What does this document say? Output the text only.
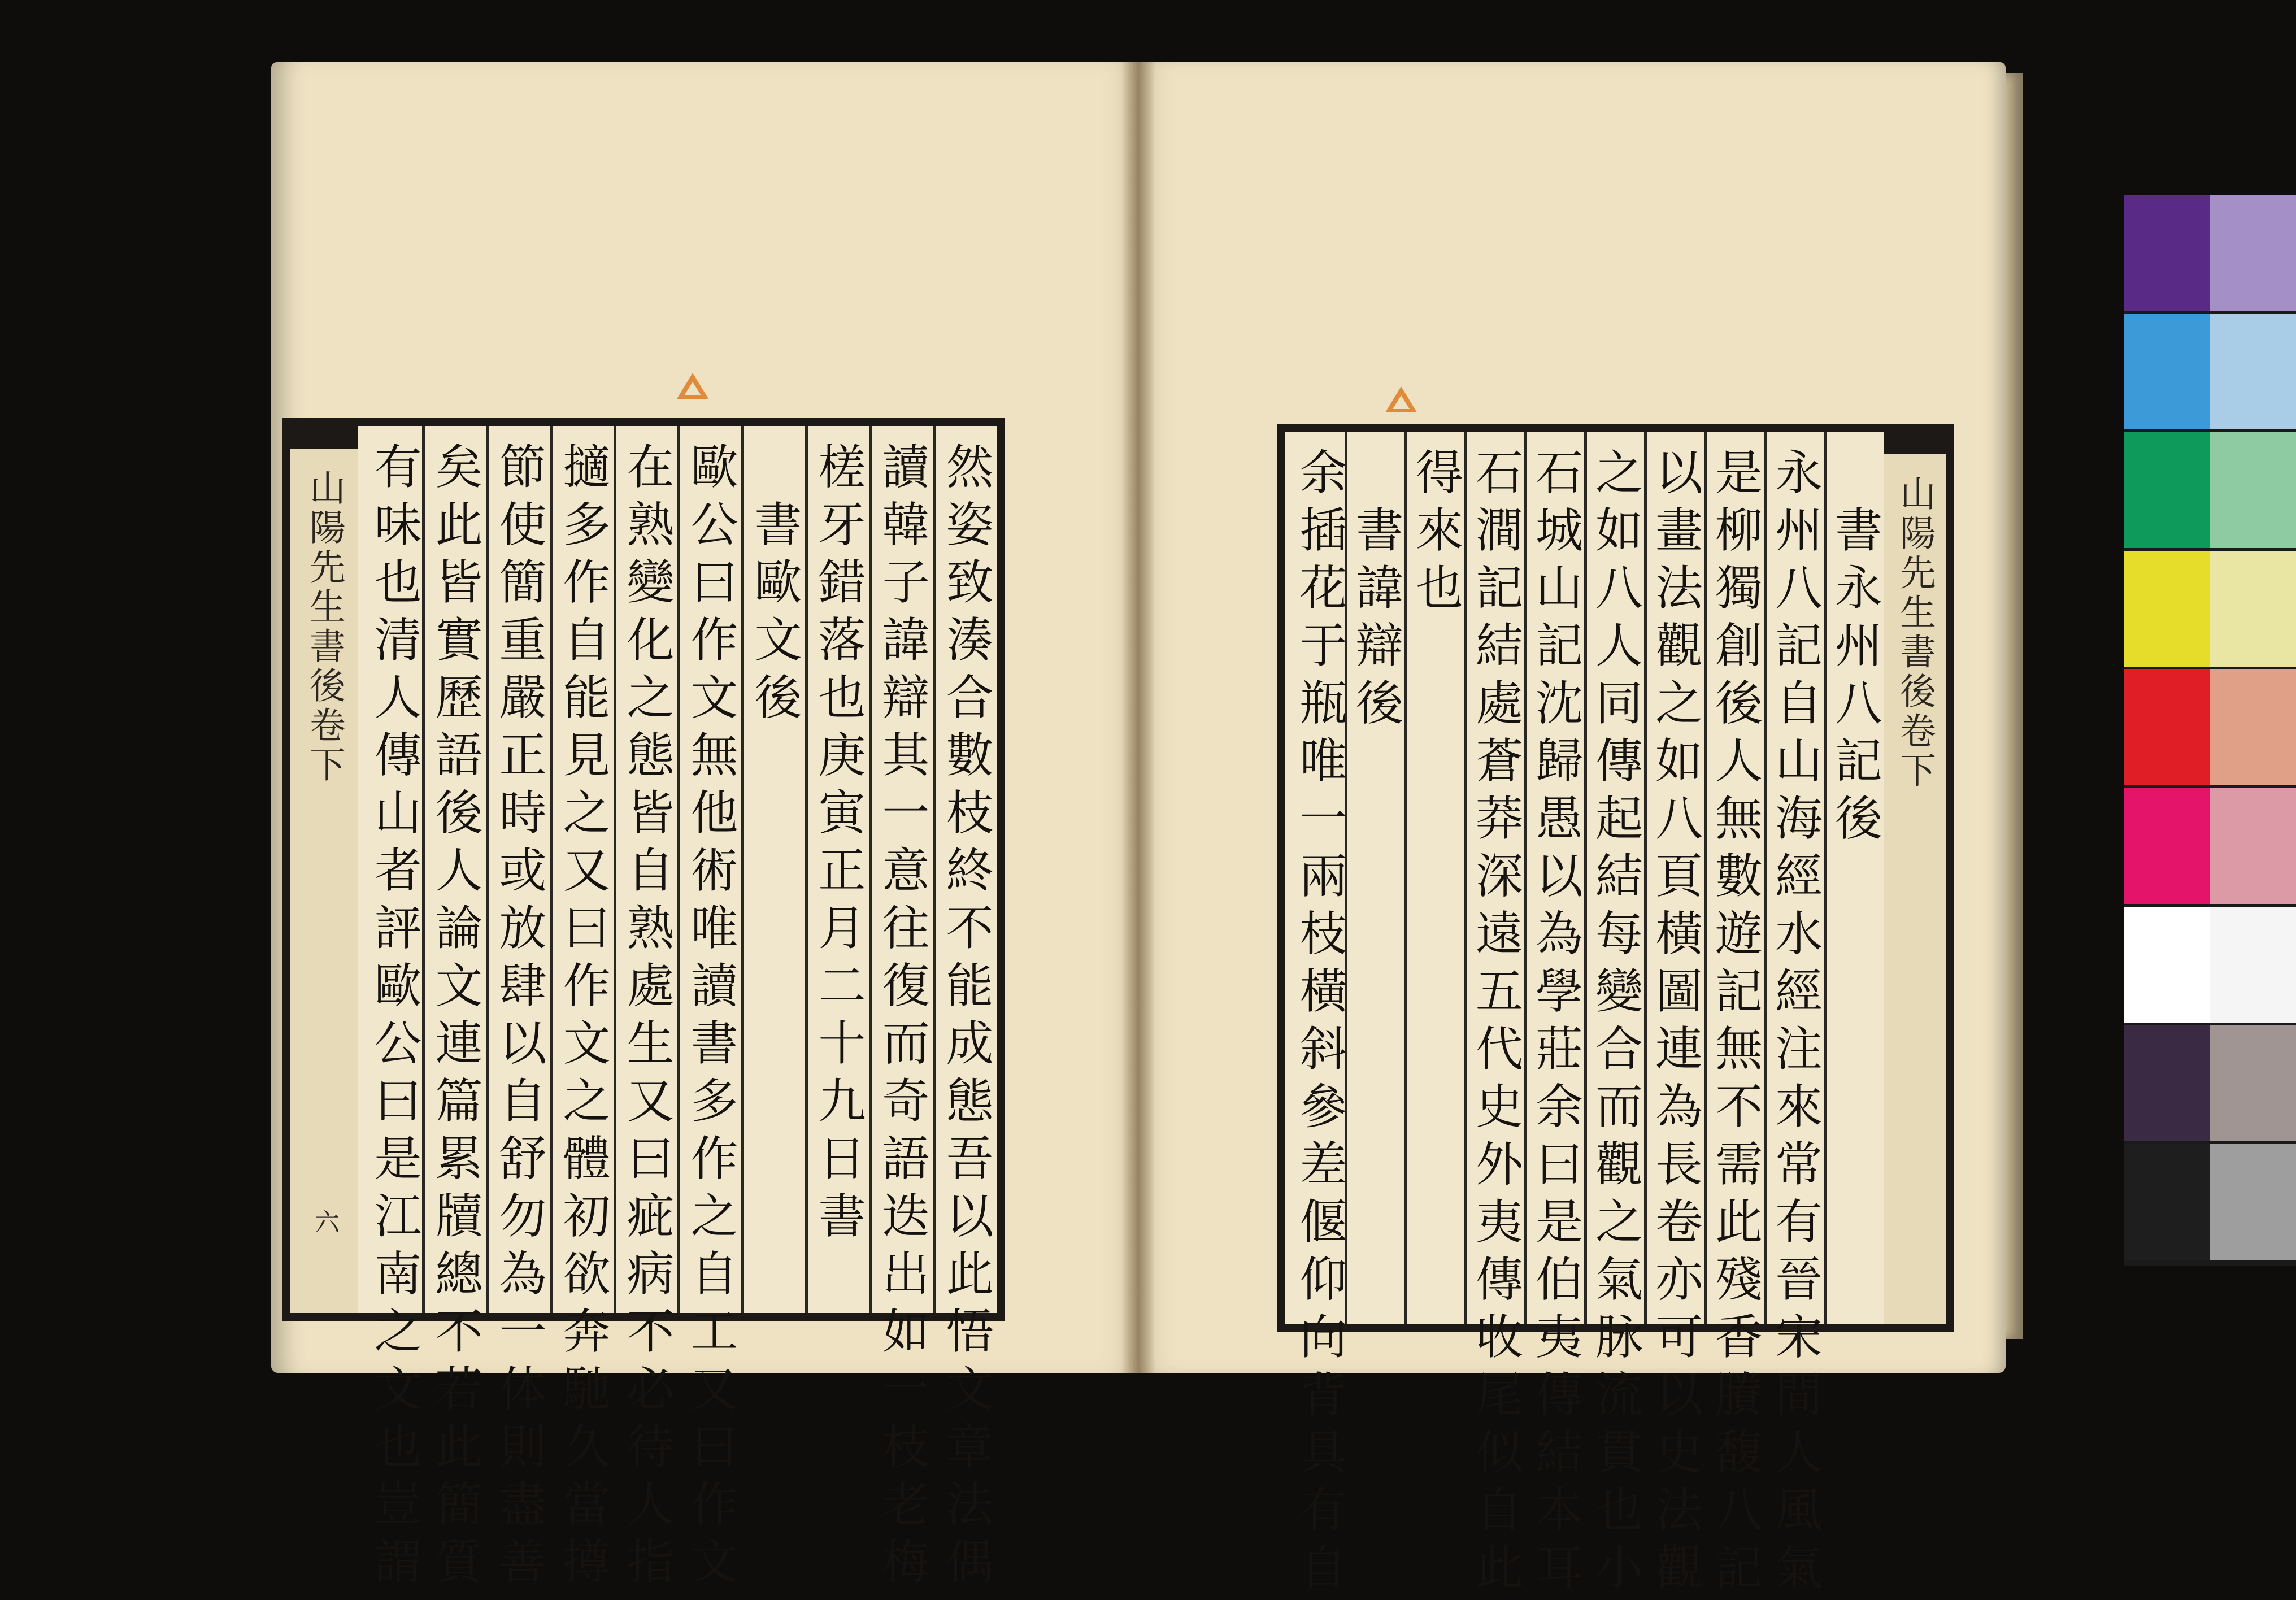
山陽先生書後卷下
六	然姿致湊合數枝終不能成態吾以此悟文章法偶
讀韓子諱辯其一意往復而奇語迭出如一枝老梅
槎牙錯落也庚寅正月二十九日書
書歐文後
歐公曰作文無他術唯讀書多作之自工又曰作文
在熟變化之態皆自熟處生又曰疵病不必待人指
擿多作自能見之又曰作文之體初欲奔馳久當撙
節使簡重嚴正時或放肆以自舒勿為一体則盡善
矣此皆實歷語後人論文連篇累牘總不若此簡質
有味也清人傳山者評歐公曰是江南之文也豈謂	書永州八記後
永州八記自山海經水經注來常有晉宋間人風氣
是柳獨創後人無數遊記無不需此殘香賸馥八記
以畫法觀之如八頁橫圖連為長卷亦可以史法觀
之如八人同傳起結每變合而觀之氣脉流貫也小
石城山記沈歸愚以為學莊余曰是伯夷傳結本耳
石澗記結處蒼莽深遠五代史外夷傳收尾似自此
得來也
書諱辯後
余插花于瓶唯一兩枝橫斜參差偃仰向背具有自	山陽先生書後卷下
